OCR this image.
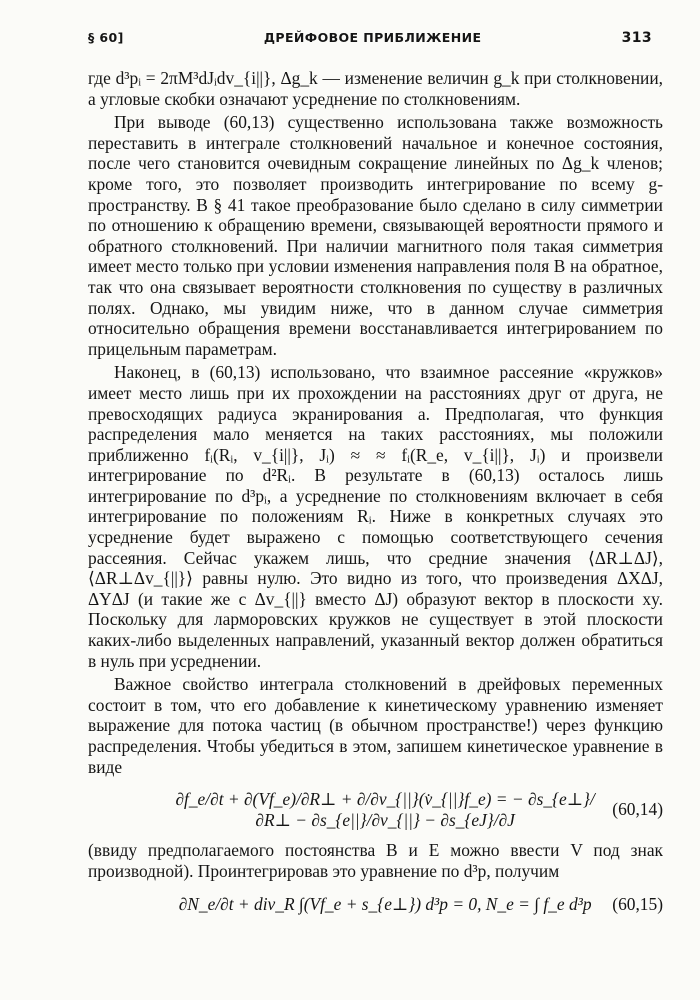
§ 60]	ДРЕЙФОВОЕ ПРИБЛИЖЕНИЕ	313

где d³pᵢ = 2πM³dJᵢdv_{i||}, Δg_k — изменение величин g_k при столкновении, а угловые скобки означают усреднение по столкновениям.

При выводе (60,13) существенно использована также возможность переставить в интеграле столкновений начальное и конечное состояния, после чего становится очевидным сокращение линейных по Δg_k членов; кроме того, это позволяет производить интегрирование по всему g-пространству. В § 41 такое преобразование было сделано в силу симметрии по отношению к обращению времени, связывающей вероятности прямого и обратного столкновений. При наличии магнитного поля такая симметрия имеет место только при условии изменения направления поля B на обратное, так что она связывает вероятности столкновения по существу в различных полях. Однако, мы увидим ниже, что в данном случае симметрия относительно обращения времени восстанавливается интегрированием по прицельным параметрам.

Наконец, в (60,13) использовано, что взаимное рассеяние «кружков» имеет место лишь при их прохождении на расстояниях друг от друга, не превосходящих радиуса экранирования a. Предполагая, что функция распределения мало меняется на таких расстояниях, мы положили приближенно fᵢ(Rᵢ, v_{i||}, Jᵢ) ≈ ≈ fᵢ(R_e, v_{i||}, Jᵢ) и произвели интегрирование по d²Rᵢ. В результате в (60,13) осталось лишь интегрирование по d³pᵢ, а усреднение по столкновениям включает в себя интегрирование по положениям Rᵢ. Ниже в конкретных случаях это усреднение будет выражено с помощью соответствующего сечения рассеяния. Сейчас укажем лишь, что средние значения ⟨ΔR⊥ΔJ⟩, ⟨ΔR⊥Δv_{||}⟩ равны нулю. Это видно из того, что произведения ΔXΔJ, ΔYΔJ (и такие же с Δv_{||} вместо ΔJ) образуют вектор в плоскости xy. Поскольку для ларморовских кружков не существует в этой плоскости каких-либо выделенных направлений, указанный вектор должен обратиться в нуль при усреднении.

Важное свойство интеграла столкновений в дрейфовых переменных состоит в том, что его добавление к кинетическому уравнению изменяет выражение для потока частиц (в обычном пространстве!) через функцию распределения. Чтобы убедиться в этом, запишем кинетическое уравнение в виде

∂f_e/∂t + ∂(Vf_e)/∂R⊥ + ∂/∂v_{||}(v̇_{||}f_e) = − ∂s_{e⊥}/∂R⊥ − ∂s_{e||}/∂v_{||} − ∂s_{eJ}/∂J
(60,14)

(ввиду предполагаемого постоянства B и E можно ввести V под знак производной). Проинтегрировав это уравнение по d³p, получим

∂N_e/∂t + div_R ∫(Vf_e + s_{e⊥}) d³p = 0, N_e = ∫ f_e d³p	(60,15)
